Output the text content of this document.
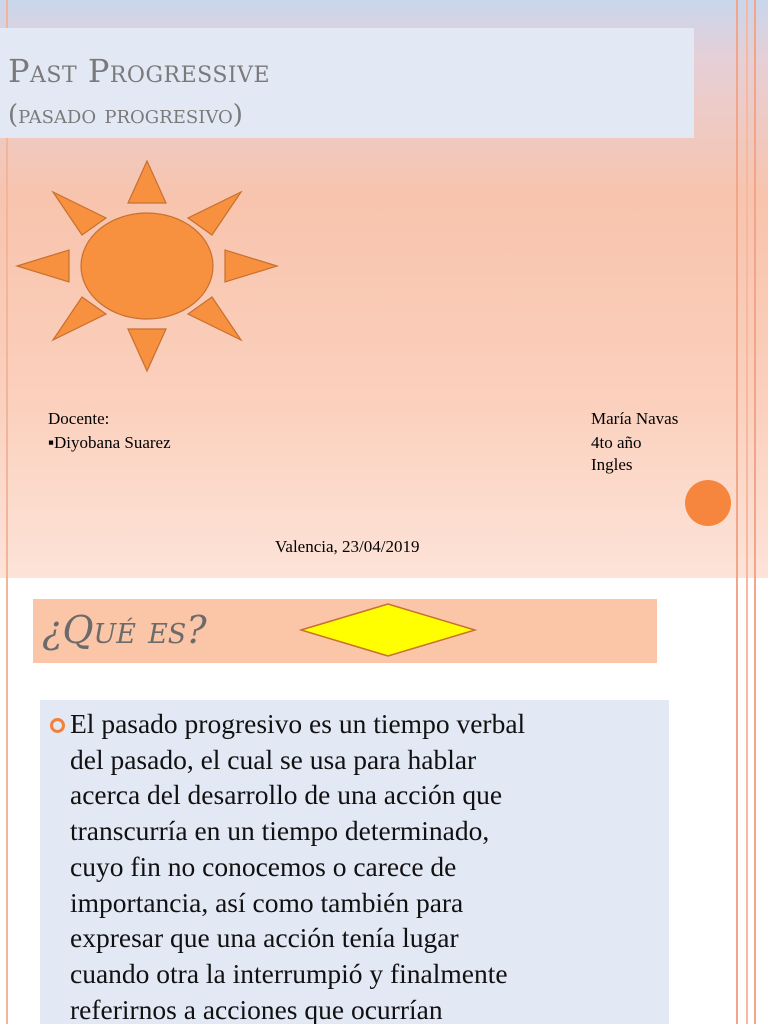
Past Progressive
(pasado progresivo)
Docente:
▪Diyobana Suarez
María Navas
4to año
Ingles
Valencia, 23/04/2019
¿Qué es?
El pasado progresivo es un tiempo verbal
del pasado, el cual se usa para hablar
acerca del desarrollo de una acción que
transcurría en un tiempo determinado,
cuyo fin no conocemos o carece de
importancia, así como también para
expresar que una acción tenía lugar
cuando otra la interrumpió y finalmente
referirnos a acciones que ocurrían
